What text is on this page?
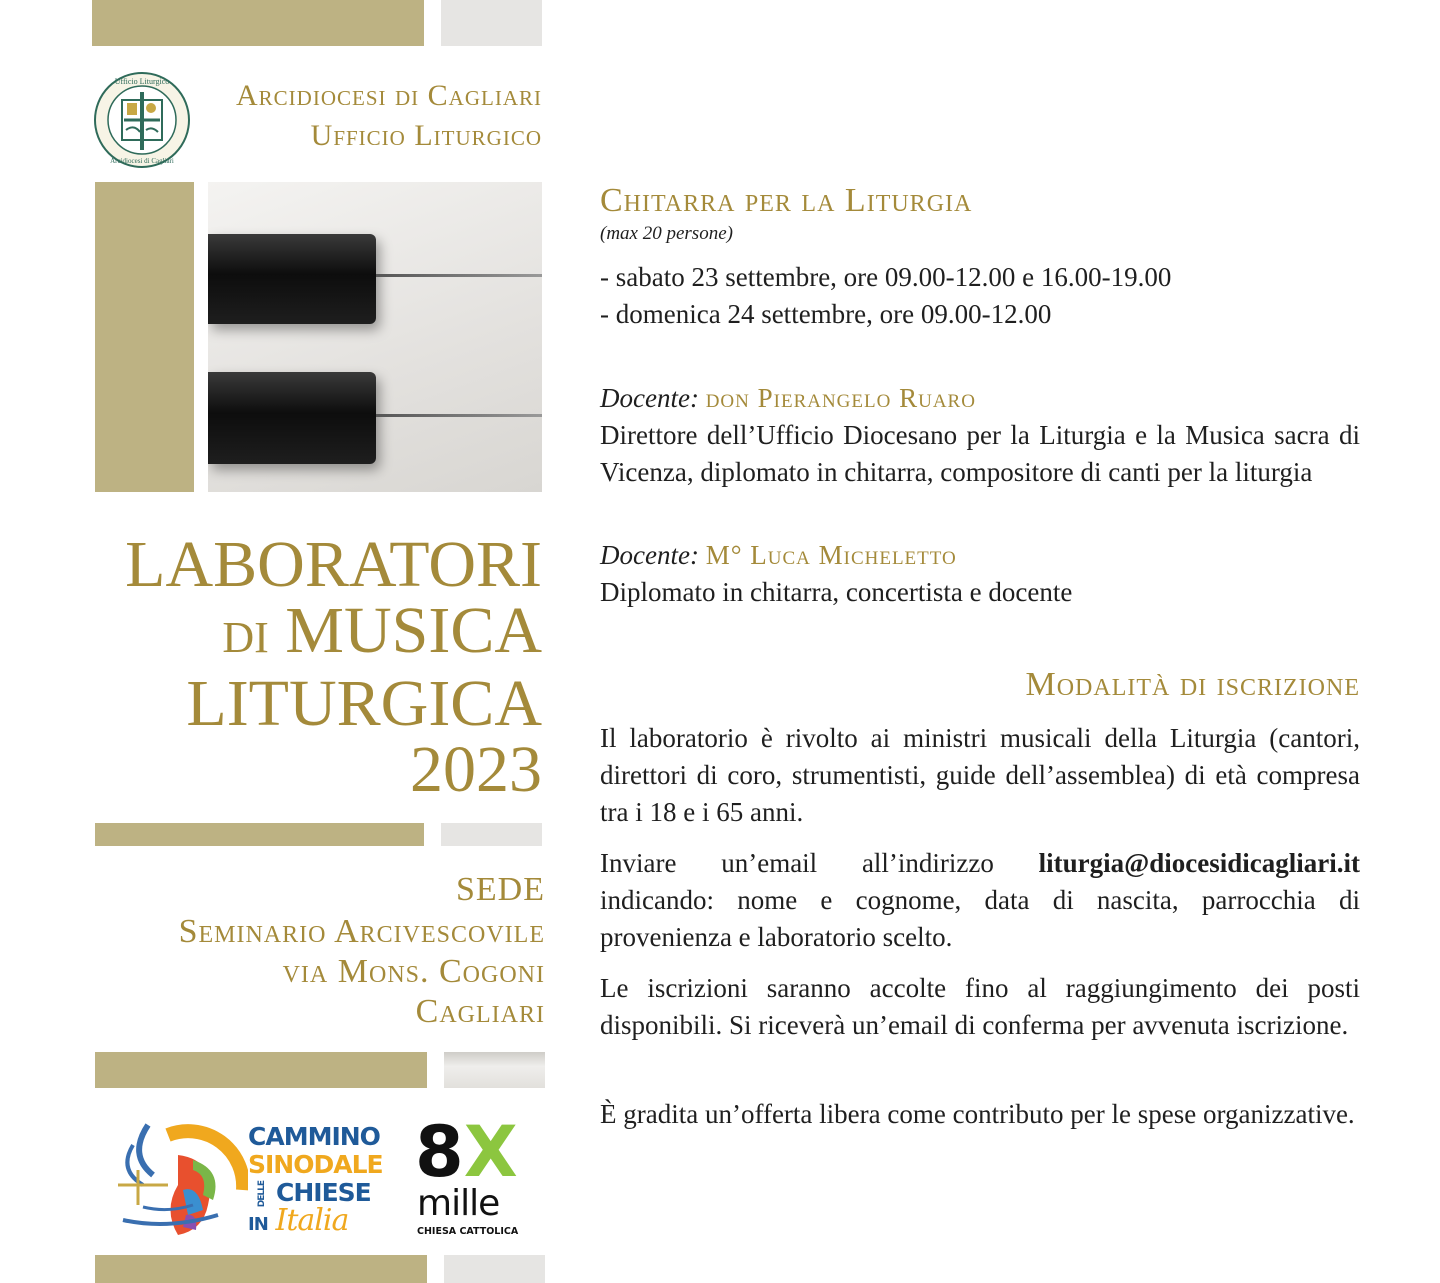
Ufficio Liturgico
Arcidiocesi di Cagliari
Arcidiocesi di Cagliari
Ufficio Liturgico
LABORATORI
DI MUSICA
LITURGICA
2023
SEDE
Seminario Arcivescovile
via Mons. Cogoni
Cagliari
CAMMINO
SINODALE
DELLE CHIESE
IN Italia
8X
mille
CHIESA CATTOLICA
Chitarra per la Liturgia
(max 20 persone)
- sabato 23 settembre, ore 09.00-12.00 e 16.00-19.00
- domenica 24 settembre, ore 09.00-12.00
Docente: don Pierangelo Ruaro
Direttore dell’Ufficio Diocesano per la Liturgia e la Musica sacra di Vicenza, diplomato in chitarra, compositore di canti per la liturgia
Docente: M° Luca Micheletto
Diplomato in chitarra, concertista e docente
Modalità di iscrizione
Il laboratorio è rivolto ai ministri musicali della Liturgia (cantori, direttori di coro, strumentisti, guide dell’assemblea) di età compresa tra i 18 e i 65 anni.
Inviare un’email all’indirizzo liturgia@diocesidicagliari.it indicando: nome e cognome, data di nascita, parrocchia di provenienza e laboratorio scelto.
Le iscrizioni saranno accolte fino al raggiungimento dei posti disponibili. Si riceverà un’email di conferma per avvenuta iscrizione.
È gradita un’offerta libera come contributo per le spese organizzative.
